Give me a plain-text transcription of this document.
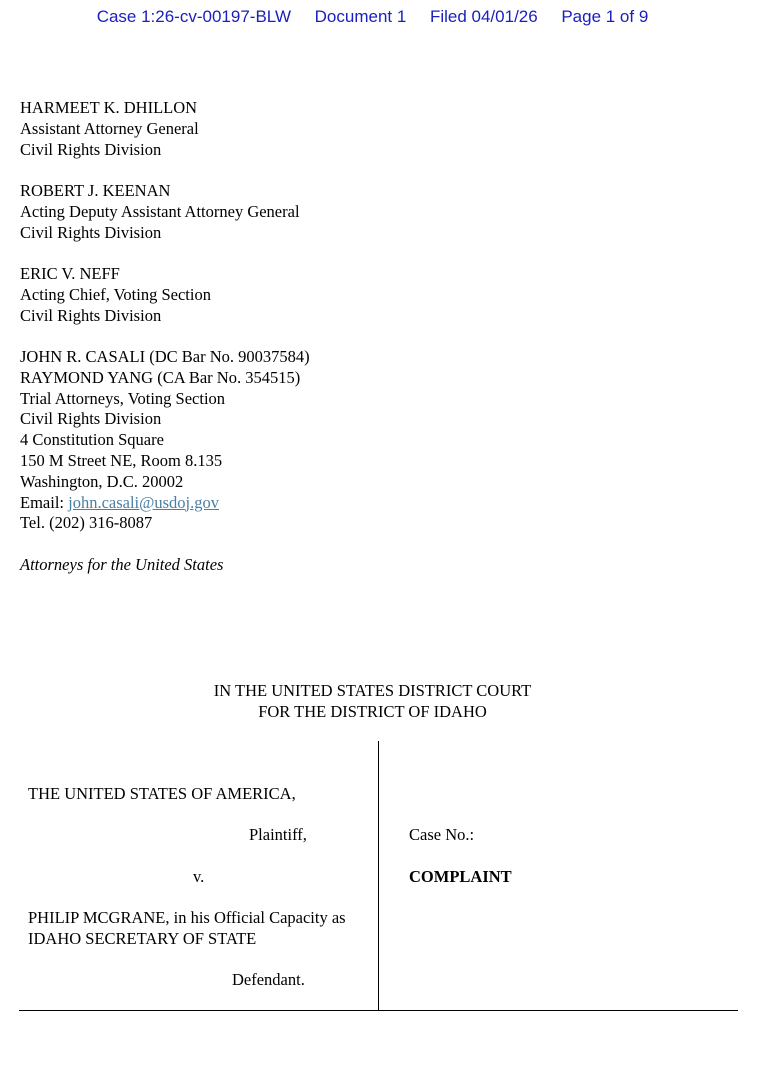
Case 1:26-cv-00197-BLW Document 1 Filed 04/01/26 Page 1 of 9
HARMEET K. DHILLON
Assistant Attorney General
Civil Rights Division
ROBERT J. KEENAN
Acting Deputy Assistant Attorney General
Civil Rights Division
ERIC V. NEFF
Acting Chief, Voting Section
Civil Rights Division
JOHN R. CASALI (DC Bar No. 90037584)
RAYMOND YANG (CA Bar No. 354515)
Trial Attorneys, Voting Section
Civil Rights Division
4 Constitution Square
150 M Street NE, Room 8.135
Washington, D.C. 20002
Email: john.casali@usdoj.gov
Tel. (202) 316-8087
Attorneys for the United States
IN THE UNITED STATES DISTRICT COURT
FOR THE DISTRICT OF IDAHO
THE UNITED STATES OF AMERICA,
Plaintiff,
v.
PHILIP MCGRANE, in his Official Capacity as
IDAHO SECRETARY OF STATE
Defendant.
Case No.:
COMPLAINT
